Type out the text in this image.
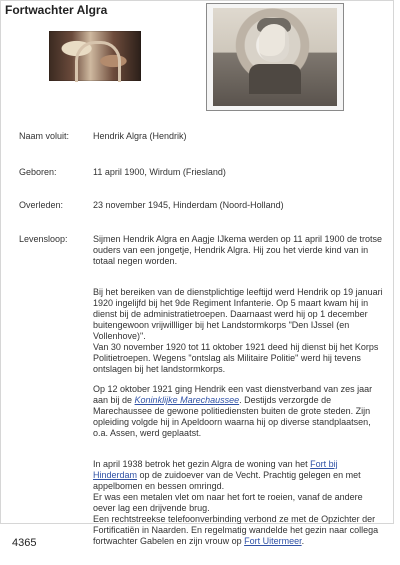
Fortwachter Algra
Naam voluit:	Hendrik Algra (Hendrik)
Geboren:	11 april 1900, Wirdum (Friesland)
Overleden:	23 november 1945, Hinderdam (Noord-Holland)
Levensloop:	Sijmen Hendrik Algra en Aagje IJkema werden op 11 april 1900 de trotse ouders van een jongetje, Hendrik Algra. Hij zou het vierde kind van in totaal negen worden.

Bij het bereiken van de dienstplichtige leeftijd werd Hendrik op 19 januari 1920 ingelijfd bij het 9de Regiment Infanterie. Op 5 maart kwam hij in dienst bij de administratietroepen. Daarnaast werd hij op 1 december buitengewoon vrijwillliger bij het Landstormkorps "Den IJssel (en Vollenhove)".
Van 30 november 1920 tot 11 oktober 1921 deed hij dienst bij het Korps Politietroepen. Wegens "ontslag als Militaire Politie" werd hij tevens ontslagen bij het landstormkorps.

Op 12 oktober 1921 ging Hendrik een vast dienstverband van zes jaar aan bij de Koninklijke Marechaussee. Destijds verzorgde de Marechaussee de gewone politiediensten buiten de grote steden. Zijn opleiding volgde hij in Apeldoorn waarna hij op diverse standplaatsen, o.a. Assen, werd geplaatst.

In april 1938 betrok het gezin Algra de woning van het Fort bij Hinderdam op de zuidoever van de Vecht. Prachtig gelegen en met appelbomen en bessen omringd.
Er was een metalen vlet om naar het fort te roeien, vanaf de andere oever lag een drijvende brug.
Een rechtstreekse telefoonverbinding verbond ze met de Opzichter der Fortificatiën in Naarden. En regelmatig wandelde het gezin naar collega fortwachter Gabelen en zijn vrouw op Fort Uitermeer.

4365
